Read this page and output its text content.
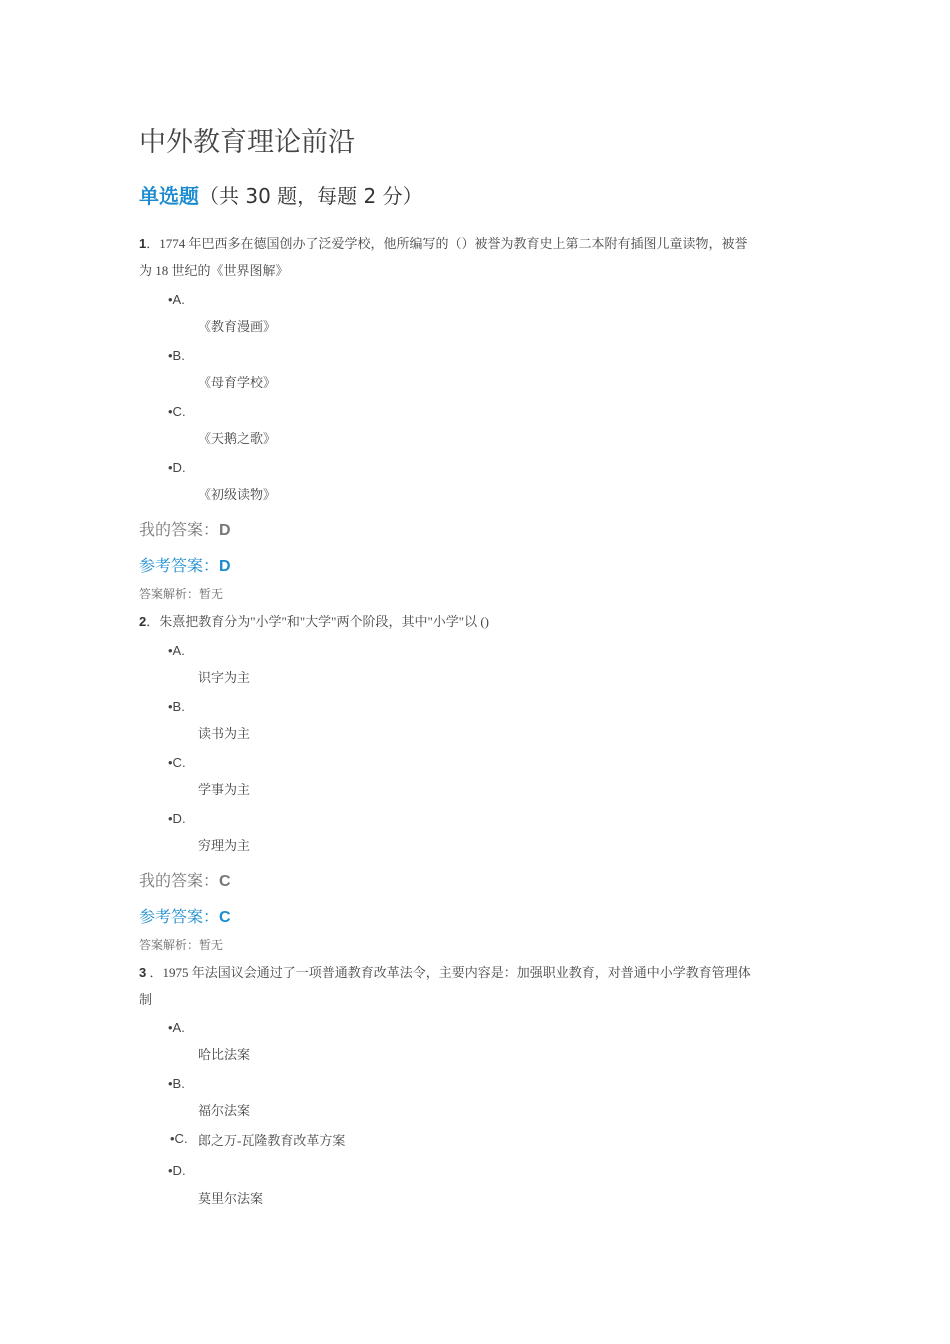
中外教育理论前沿
单选题（共 30 题，每题 2 分）
1．1774 年巴西多在德国创办了泛爱学校，他所编写的（）被誉为教育史上第二本附有插图儿童读物，被誉
为 18 世纪的《世界图解》
•A.
《教育漫画》
•B.
《母育学校》
•C.
《天鹅之歌》
•D.
《初级读物》
我的答案：D
参考答案：D
答案解析：暂无
2．朱熹把教育分为"小学"和"大学"两个阶段，其中"小学"以 ()
•A.
识字为主
•B.
读书为主
•C.
学事为主
•D.
穷理为主
我的答案：C
参考答案：C
答案解析：暂无
3 ．1975 年法国议会通过了一项普通教育改革法令，主要内容是：加强职业教育，对普通中小学教育管理体
制
•A.
哈比法案
•B.
福尔法案
•C. 郎之万-瓦隆教育改革方案
•D.
莫里尔法案
